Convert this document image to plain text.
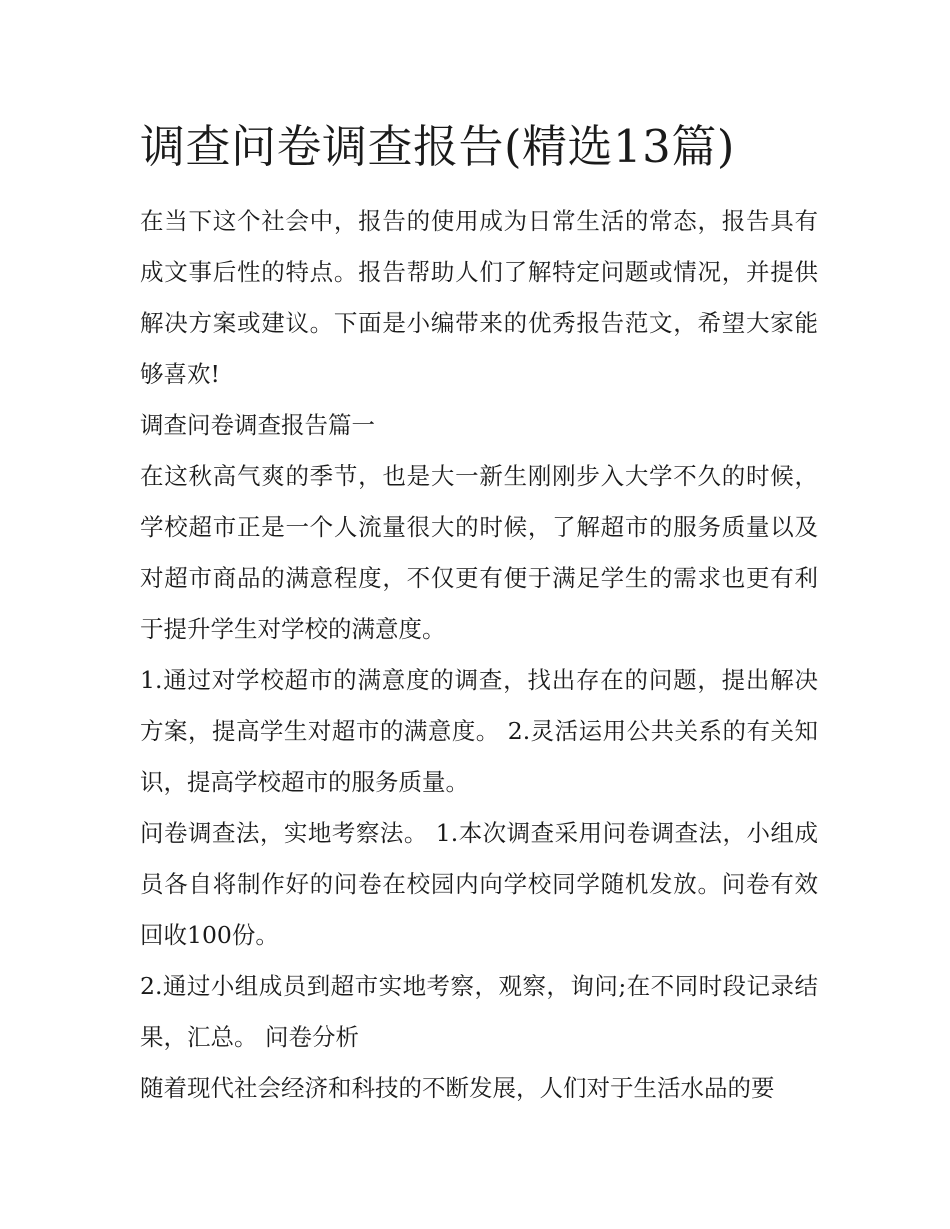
调查问卷调查报告(精选13篇)

在当下这个社会中，报告的使用成为日常生活的常态，报告具有成文事后性的特点。报告帮助人们了解特定问题或情况，并提供解决方案或建议。下面是小编带来的优秀报告范文，希望大家能够喜欢!

调查问卷调查报告篇一

在这秋高气爽的季节，也是大一新生刚刚步入大学不久的时候，学校超市正是一个人流量很大的时候，了解超市的服务质量以及对超市商品的满意程度，不仅更有便于满足学生的需求也更有利于提升学生对学校的满意度。

1.通过对学校超市的满意度的调查，找出存在的问题，提出解决方案，提高学生对超市的满意度。 2.灵活运用公共关系的有关知识，提高学校超市的服务质量。

问卷调查法，实地考察法。 1.本次调查采用问卷调查法，小组成员各自将制作好的问卷在校园内向学校同学随机发放。问卷有效回收100份。

2.通过小组成员到超市实地考察，观察，询问;在不同时段记录结果，汇总。 问卷分析

随着现代社会经济和科技的不断发展，人们对于生活水品的要
